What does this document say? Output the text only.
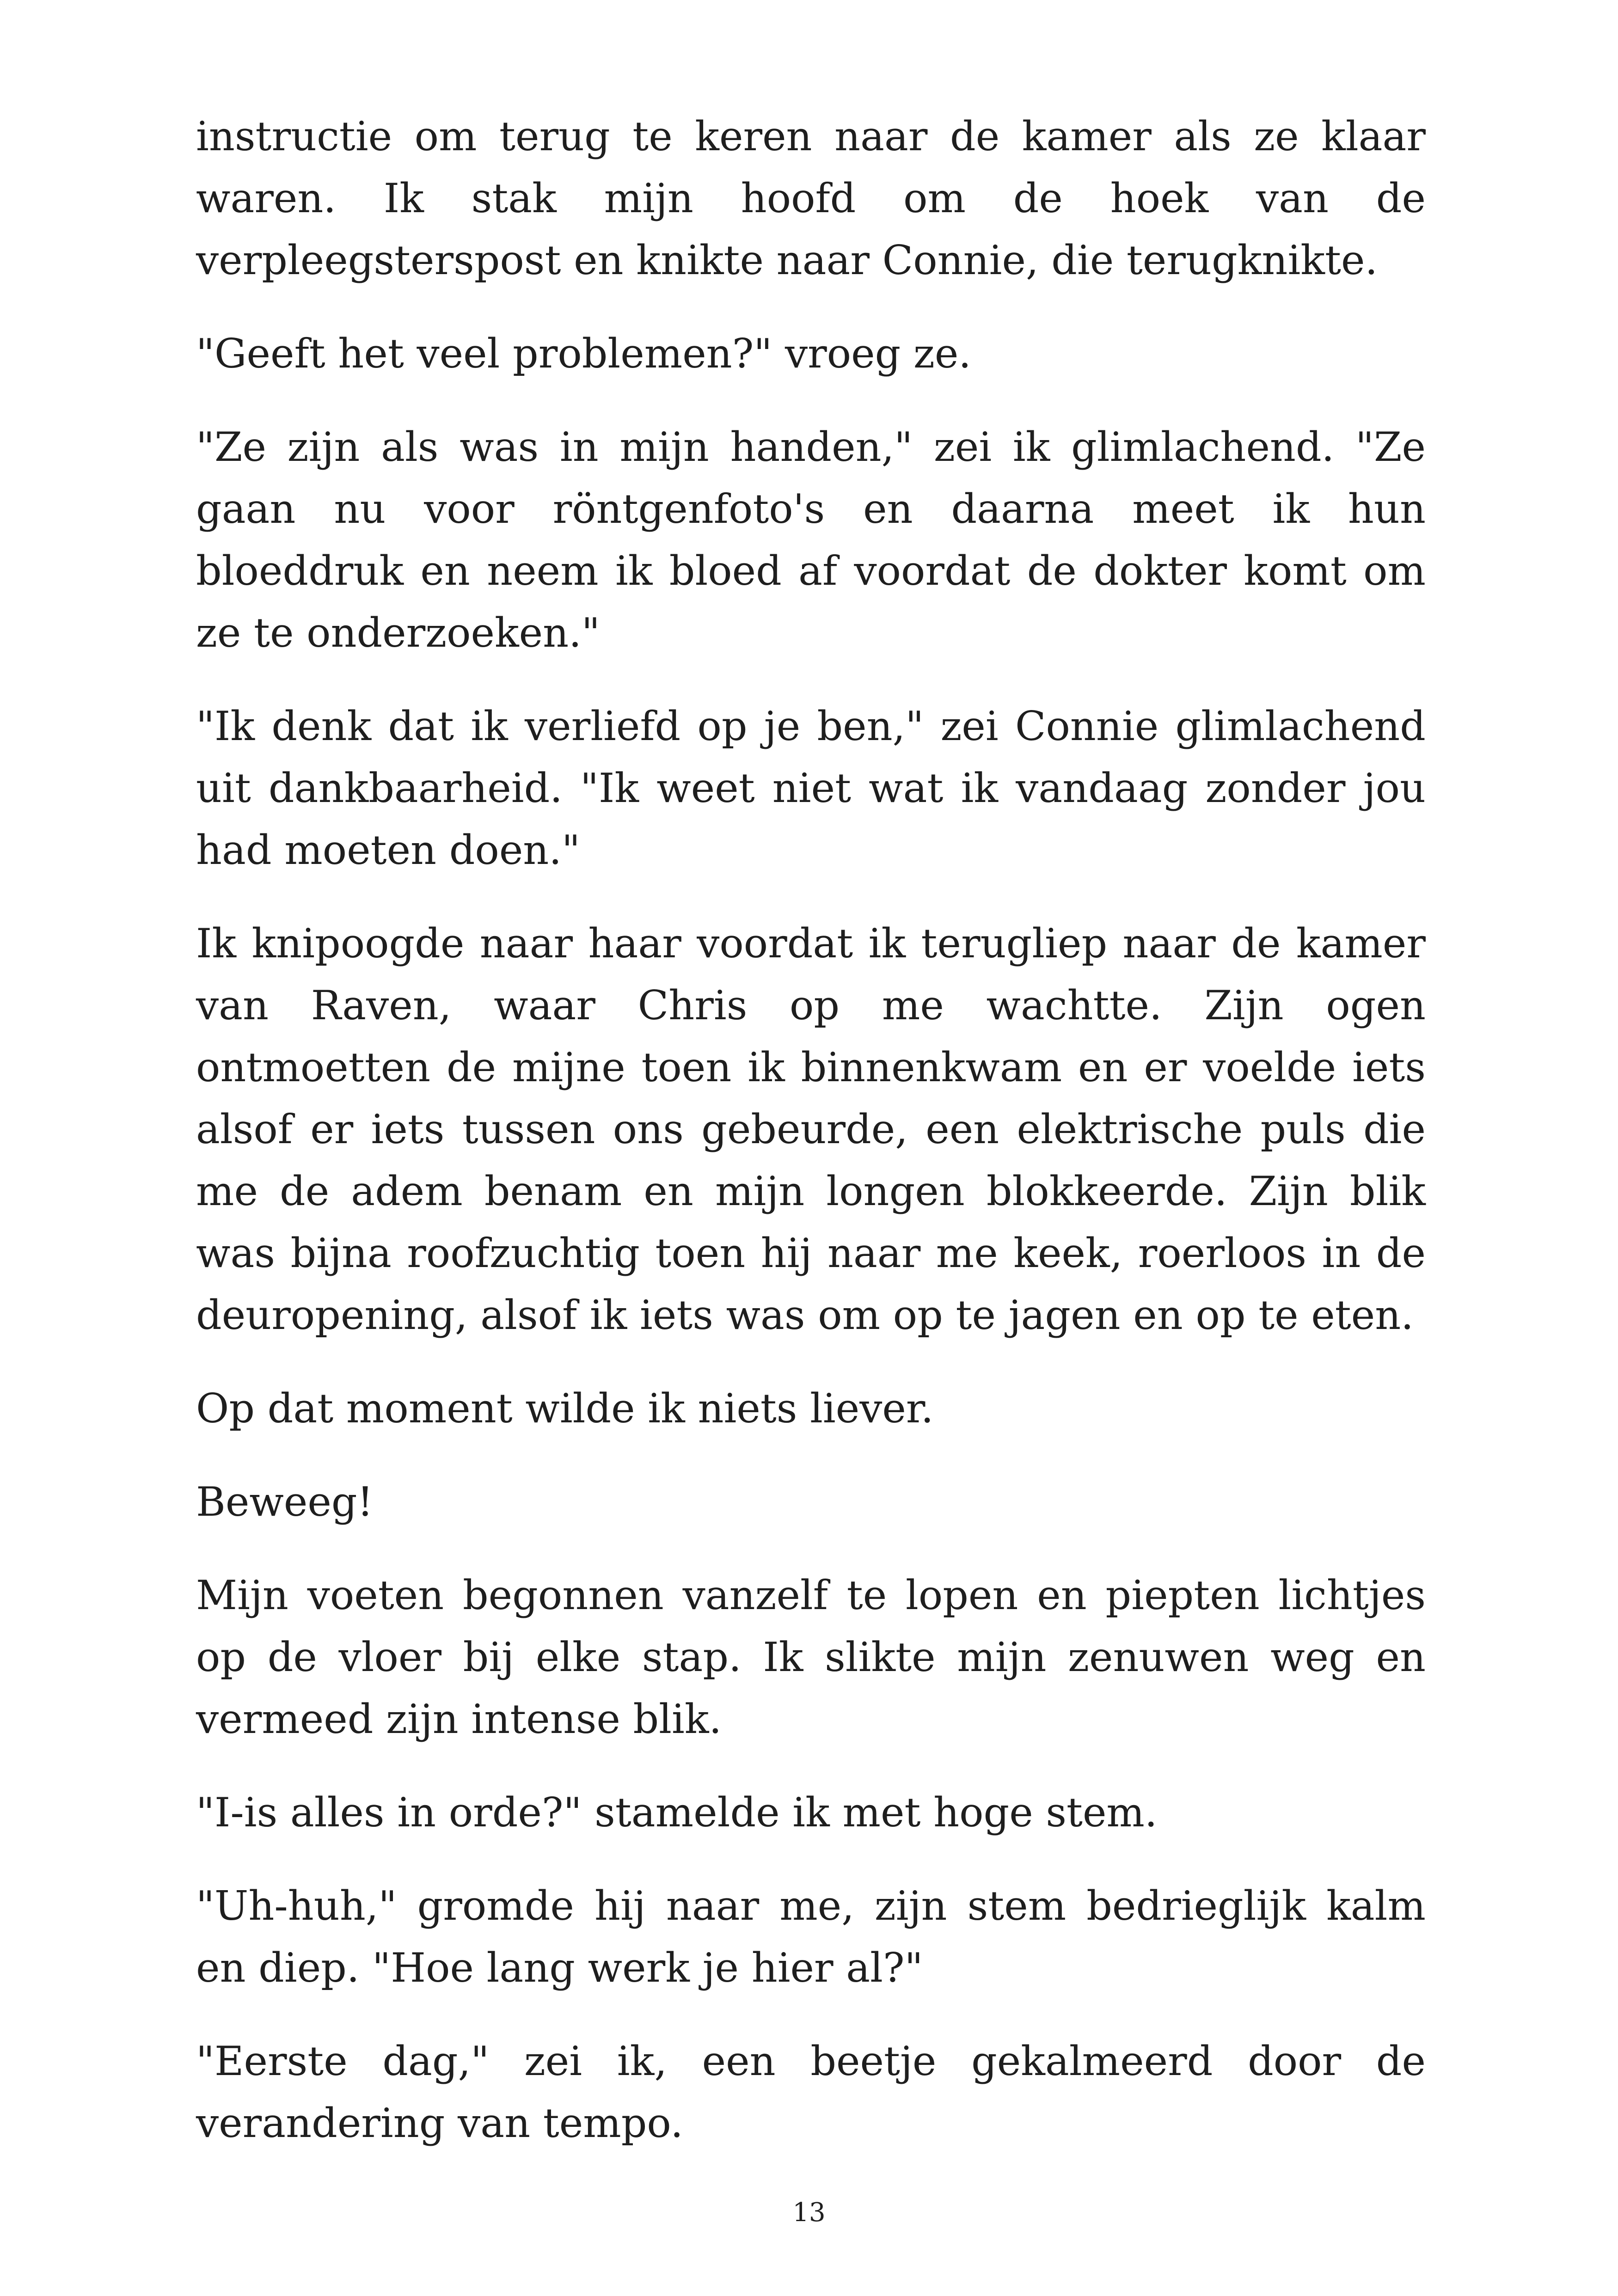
instructie om terug te keren naar de kamer als ze klaar waren. Ik stak mijn hoofd om de hoek van de verpleegsterspost en knikte naar Connie, die terugknikte.

"Geeft het veel problemen?" vroeg ze.

"Ze zijn als was in mijn handen," zei ik glimlachend. "Ze gaan nu voor röntgenfoto's en daarna meet ik hun bloeddruk en neem ik bloed af voordat de dokter komt om ze te onderzoeken."

"Ik denk dat ik verliefd op je ben," zei Connie glimlachend uit dankbaarheid. "Ik weet niet wat ik vandaag zonder jou had moeten doen."

Ik knipoogde naar haar voordat ik terugliep naar de kamer van Raven, waar Chris op me wachtte. Zijn ogen ontmoetten de mijne toen ik binnenkwam en er voelde iets alsof er iets tussen ons gebeurde, een elektrische puls die me de adem benam en mijn longen blokkeerde. Zijn blik was bijna roofzuchtig toen hij naar me keek, roerloos in de deuropening, alsof ik iets was om op te jagen en op te eten.

Op dat moment wilde ik niets liever.

Beweeg!

Mijn voeten begonnen vanzelf te lopen en piepten lichtjes op de vloer bij elke stap. Ik slikte mijn zenuwen weg en vermeed zijn intense blik.

"I-is alles in orde?" stamelde ik met hoge stem.

"Uh-huh," gromde hij naar me, zijn stem bedrieglijk kalm en diep. "Hoe lang werk je hier al?"

"Eerste dag," zei ik, een beetje gekalmeerd door de verandering van tempo.

13
